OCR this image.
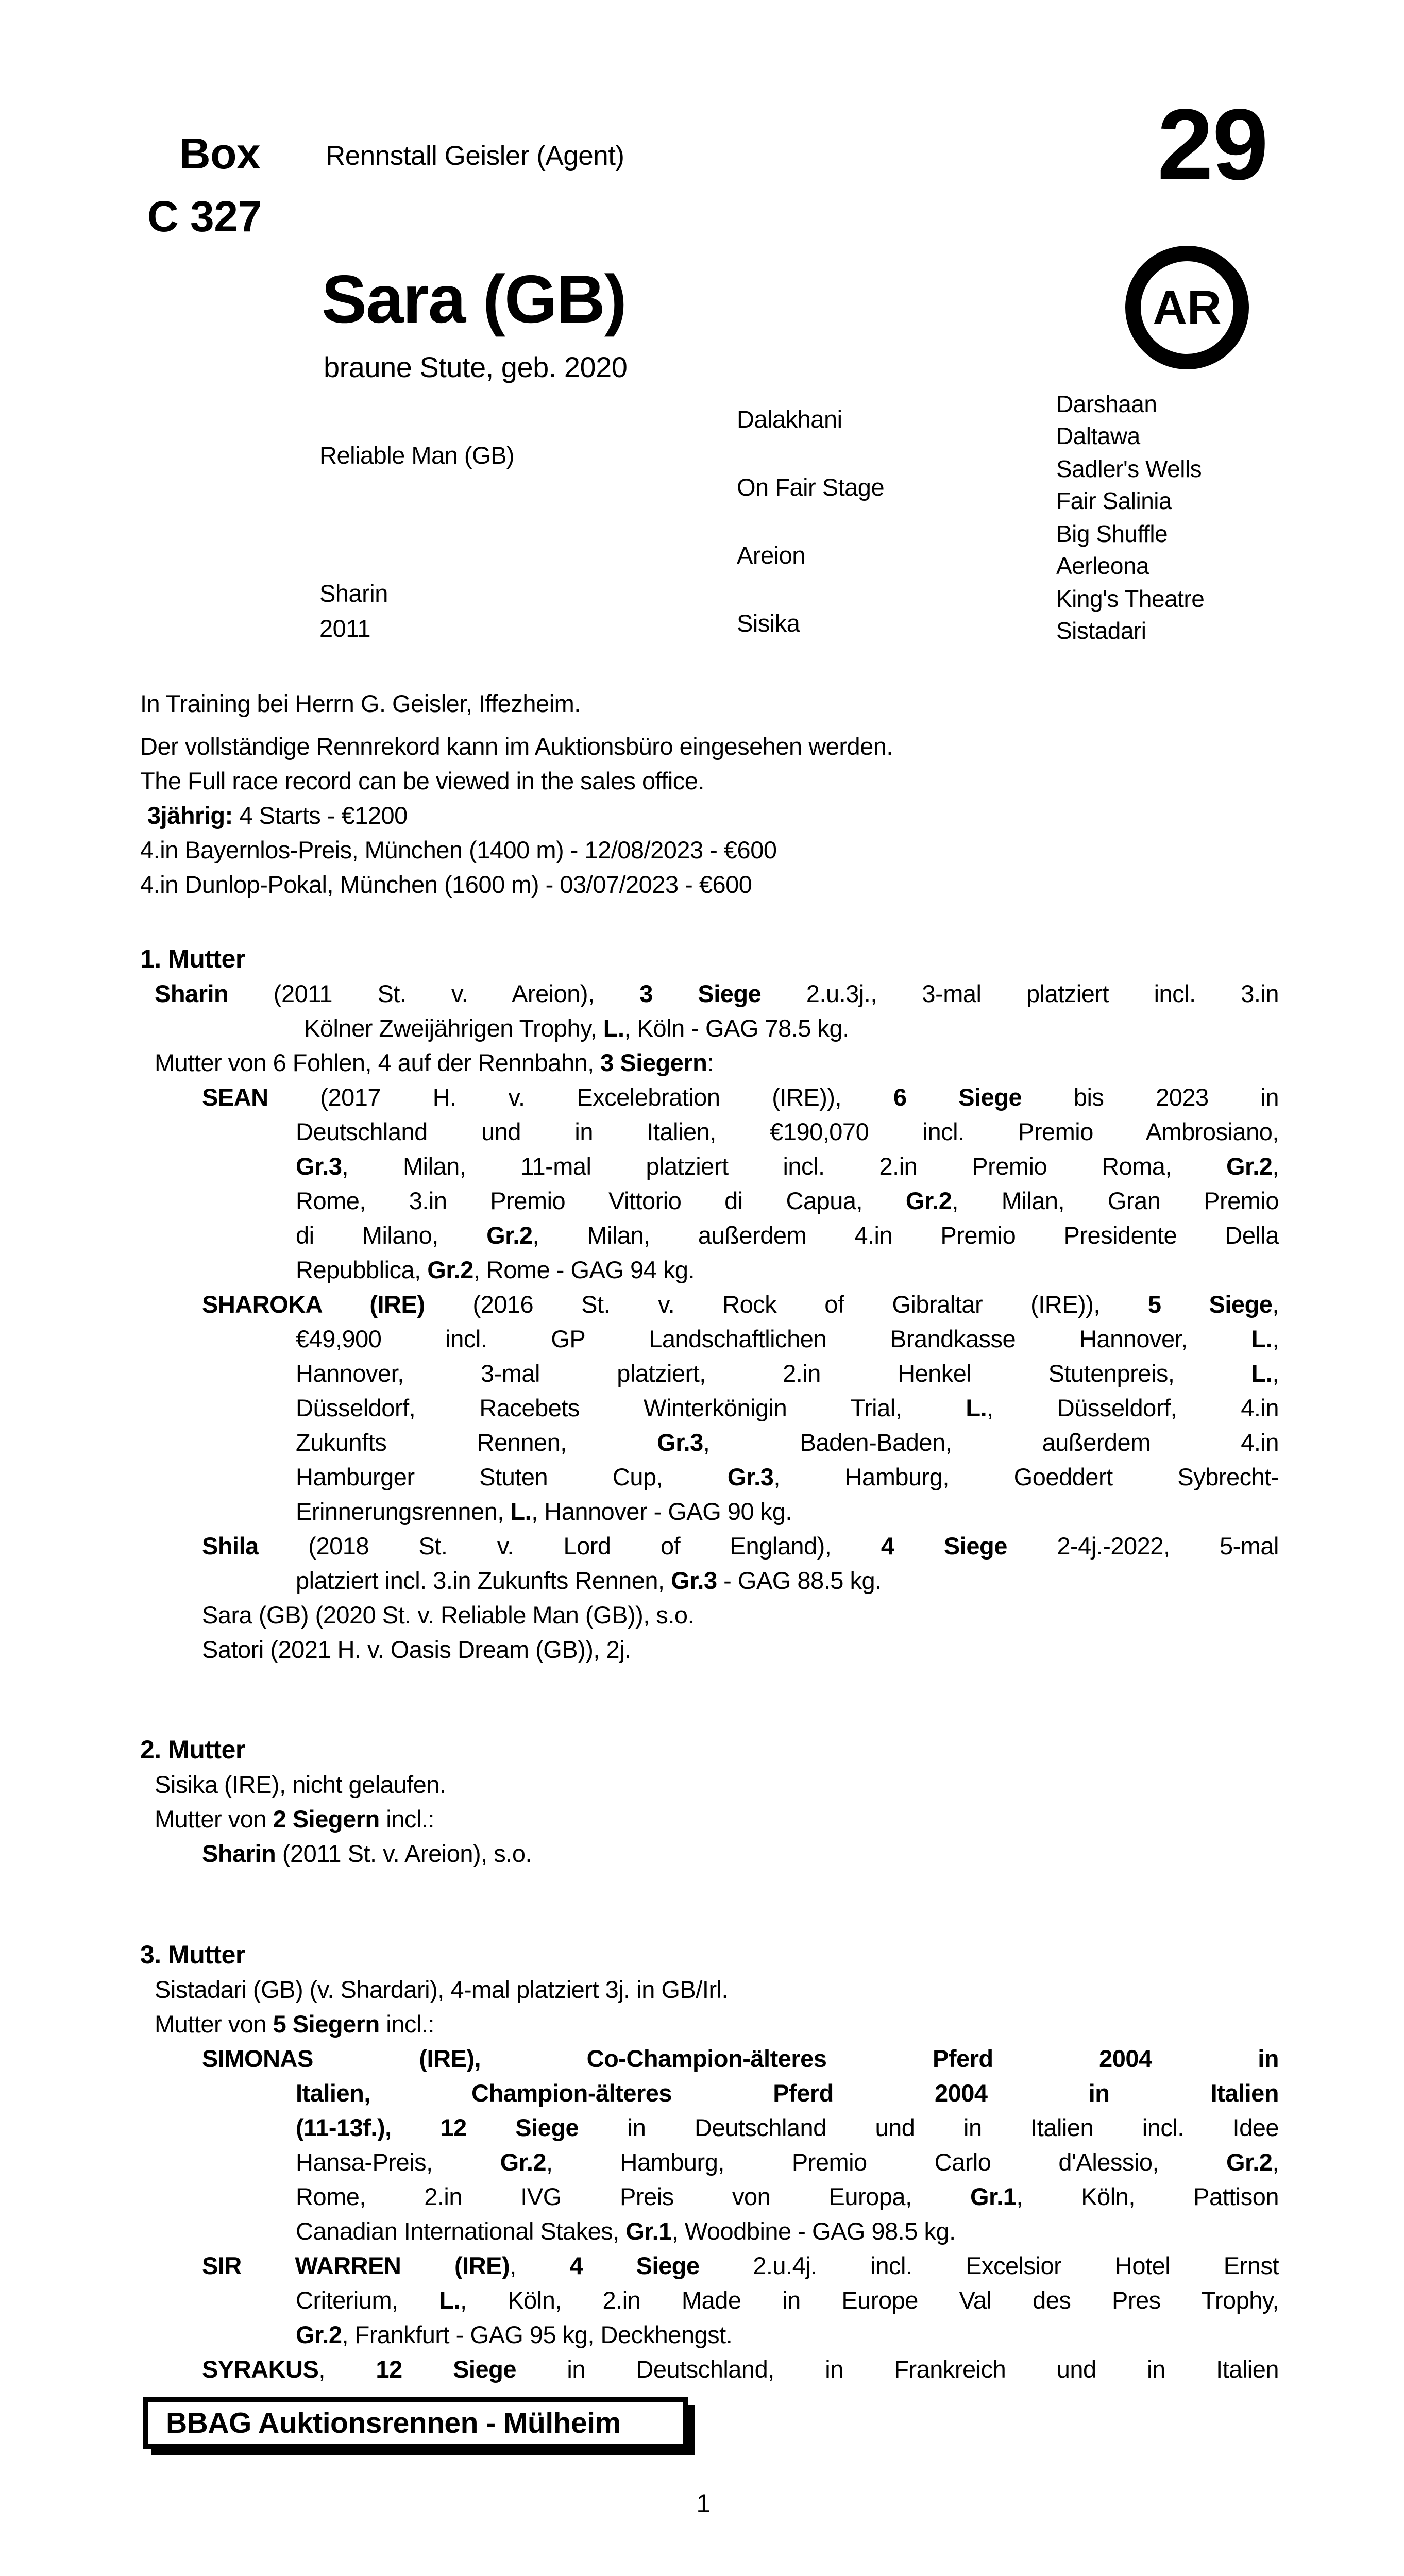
Box
C 327
Rennstall Geisler (Agent)	29
AR
Sara (GB)
braune Stute, geb. 2020
Reliable Man (GB)
Sharin
2011
Dalakhani
On Fair Stage
Areion
Sisika
Darshaan
Daltawa
Sadler's Wells
Fair Salinia
Big Shuffle
Aerleona
King's Theatre
Sistadari
In Training bei Herrn G. Geisler, Iffezheim.
Der vollständige Rennrekord kann im Auktionsbüro eingesehen werden.
The Full race record can be viewed in the sales office.
3jährig: 4 Starts - €1200
4.in Bayernlos-Preis, München (1400 m) - 12/08/2023 - €600
4.in Dunlop-Pokal, München (1600 m) - 03/07/2023 - €600
1. Mutter
Sharin (2011 St. v. Areion), 3 Siege 2.u.3j., 3-mal platziert incl. 3.in
Kölner Zweijährigen Trophy, L., Köln - GAG 78.5 kg.
Mutter von 6 Fohlen, 4 auf der Rennbahn, 3 Siegern:
SEAN (2017 H. v. Excelebration (IRE)), 6 Siege bis 2023 in
Deutschland und in Italien, €190,070 incl. Premio Ambrosiano,
Gr.3, Milan, 11-mal platziert incl. 2.in Premio Roma, Gr.2,
Rome, 3.in Premio Vittorio di Capua, Gr.2, Milan, Gran Premio
di Milano, Gr.2, Milan, außerdem 4.in Premio Presidente Della
Repubblica, Gr.2, Rome - GAG 94 kg.
SHAROKA (IRE) (2016 St. v. Rock of Gibraltar (IRE)), 5 Siege,
€49,900 incl. GP Landschaftlichen Brandkasse Hannover, L.,
Hannover, 3-mal platziert, 2.in Henkel Stutenpreis, L.,
Düsseldorf, Racebets Winterkönigin Trial, L., Düsseldorf, 4.in
Zukunfts Rennen, Gr.3, Baden-Baden, außerdem 4.in
Hamburger Stuten Cup, Gr.3, Hamburg, Goeddert Sybrecht-
Erinnerungsrennen, L., Hannover - GAG 90 kg.
Shila (2018 St. v. Lord of England), 4 Siege 2-4j.-2022, 5-mal
platziert incl. 3.in Zukunfts Rennen, Gr.3 - GAG 88.5 kg.
Sara (GB) (2020 St. v. Reliable Man (GB)), s.o.
Satori (2021 H. v. Oasis Dream (GB)), 2j.
2. Mutter
Sisika (IRE), nicht gelaufen.
Mutter von 2 Siegern incl.:
Sharin (2011 St. v. Areion), s.o.
3. Mutter
Sistadari (GB) (v. Shardari), 4-mal platziert 3j. in GB/Irl.
Mutter von 5 Siegern incl.:
SIMONAS (IRE), Co-Champion-älteres Pferd 2004 in
Italien, Champion-älteres Pferd 2004 in Italien
(11-13f.), 12 Siege in Deutschland und in Italien incl. Idee
Hansa-Preis, Gr.2, Hamburg, Premio Carlo d'Alessio, Gr.2,
Rome, 2.in IVG Preis von Europa, Gr.1, Köln, Pattison
Canadian International Stakes, Gr.1, Woodbine - GAG 98.5 kg.
SIR WARREN (IRE), 4 Siege 2.u.4j. incl. Excelsior Hotel Ernst
Criterium, L., Köln, 2.in Made in Europe Val des Pres Trophy,
Gr.2, Frankfurt - GAG 95 kg, Deckhengst.
SYRAKUS, 12 Siege in Deutschland, in Frankreich und in Italien
BBAG Auktionsrennen - Mülheim
1
